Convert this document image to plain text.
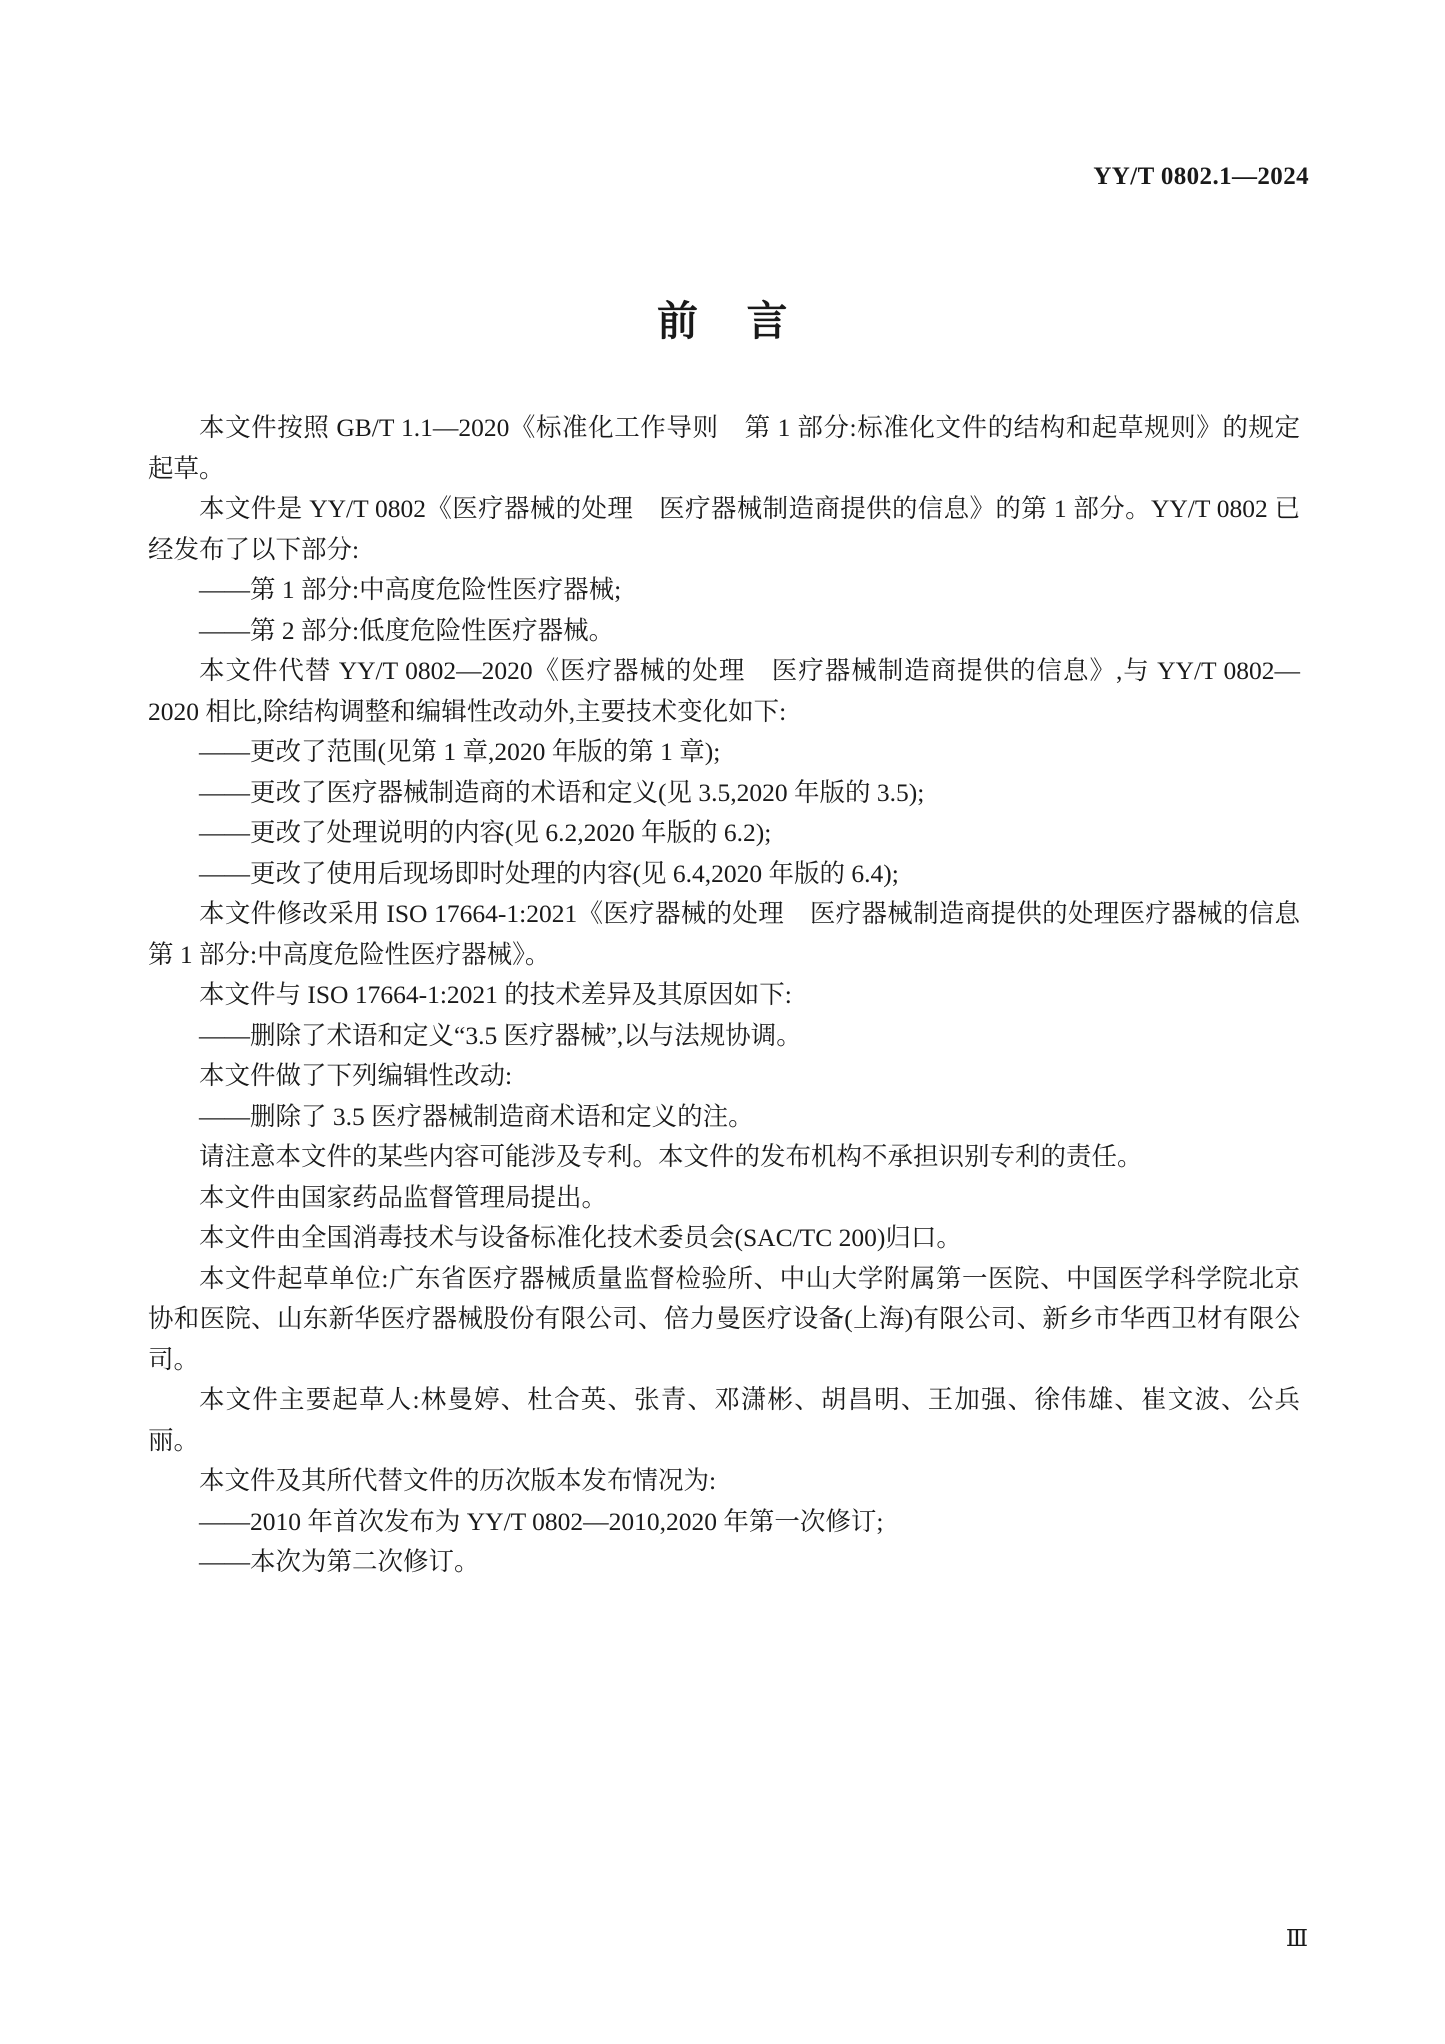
YY/T 0802.1—2024
前 言

本文件按照 GB/T 1.1—2020《标准化工作导则　第 1 部分:标准化文件的结构和起草规则》的规定起草。

本文件是 YY/T 0802《医疗器械的处理　医疗器械制造商提供的信息》的第 1 部分。YY/T 0802 已经发布了以下部分:

——第 1 部分:中高度危险性医疗器械;

——第 2 部分:低度危险性医疗器械。

本文件代替 YY/T 0802—2020《医疗器械的处理　医疗器械制造商提供的信息》,与 YY/T 0802—2020 相比,除结构调整和编辑性改动外,主要技术变化如下:

——更改了范围(见第 1 章,2020 年版的第 1 章);

——更改了医疗器械制造商的术语和定义(见 3.5,2020 年版的 3.5);

——更改了处理说明的内容(见 6.2,2020 年版的 6.2);

——更改了使用后现场即时处理的内容(见 6.4,2020 年版的 6.4);

本文件修改采用 ISO 17664-1:2021《医疗器械的处理　医疗器械制造商提供的处理医疗器械的信息　第 1 部分:中高度危险性医疗器械》。

本文件与 ISO 17664-1:2021 的技术差异及其原因如下:

——删除了术语和定义“3.5 医疗器械”,以与法规协调。

本文件做了下列编辑性改动:

——删除了 3.5 医疗器械制造商术语和定义的注。

请注意本文件的某些内容可能涉及专利。本文件的发布机构不承担识别专利的责任。

本文件由国家药品监督管理局提出。

本文件由全国消毒技术与设备标准化技术委员会(SAC/TC 200)归口。

本文件起草单位:广东省医疗器械质量监督检验所、中山大学附属第一医院、中国医学科学院北京协和医院、山东新华医疗器械股份有限公司、倍力曼医疗设备(上海)有限公司、新乡市华西卫材有限公司。

本文件主要起草人:林曼婷、杜合英、张青、邓潇彬、胡昌明、王加强、徐伟雄、崔文波、公兵丽。

本文件及其所代替文件的历次版本发布情况为:

——2010 年首次发布为 YY/T 0802—2010,2020 年第一次修订;

——本次为第二次修订。

Ⅲ
